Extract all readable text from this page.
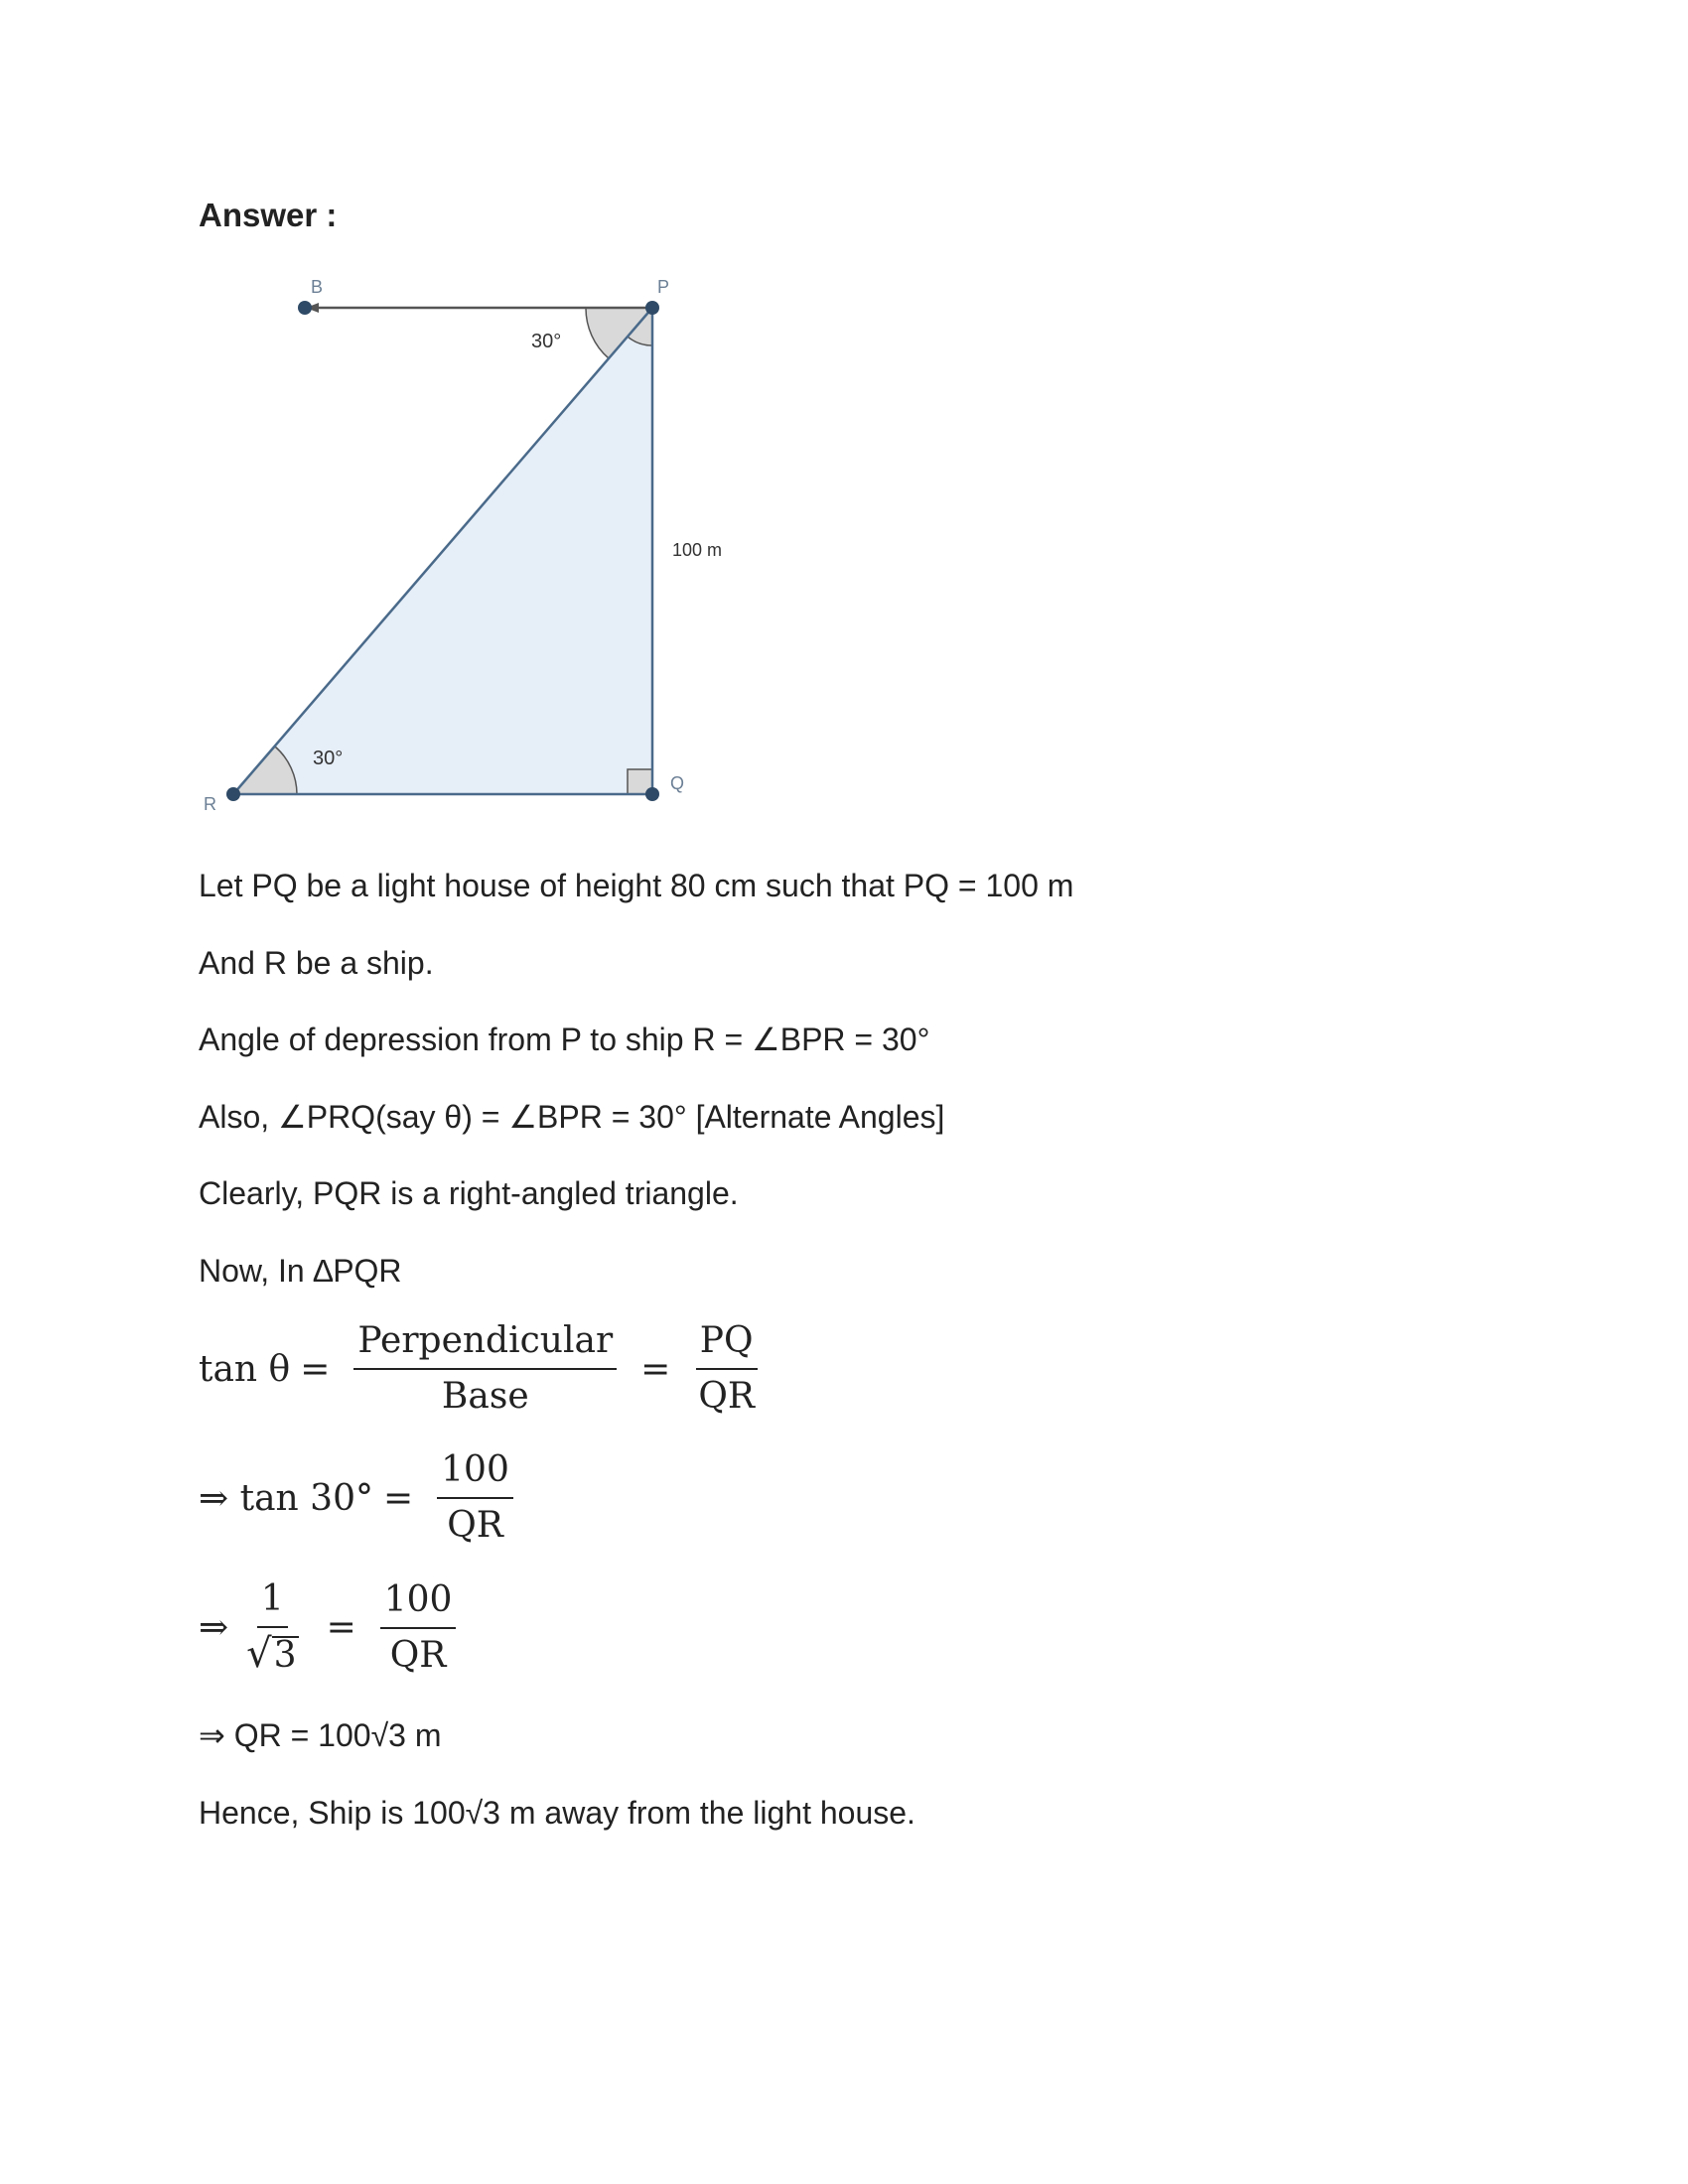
Answer :
B	P
R
Q
30°
30°
100 m
Let PQ be a light house of height 80 cm such that PQ = 100 m
And R be a ship.
Angle of depression from P to ship R = ∠BPR = 30°
Also, ∠PRQ(say θ) = ∠BPR = 30° [Alternate Angles]
Clearly, PQR is a right-angled triangle.
Now, In ∆PQR
$\tan \theta = \frac{\text{Perpendicular}}{\text{Base}} = \frac{PQ}{QR}$
⇒ $\tan 30^\circ = \frac{100}{QR}$
⇒ $\frac{1}{√ 3} = \frac{100}{QR}$
⇒ QR = 100√3 m
Hence, Ship is 100√3 m away from the light house.
